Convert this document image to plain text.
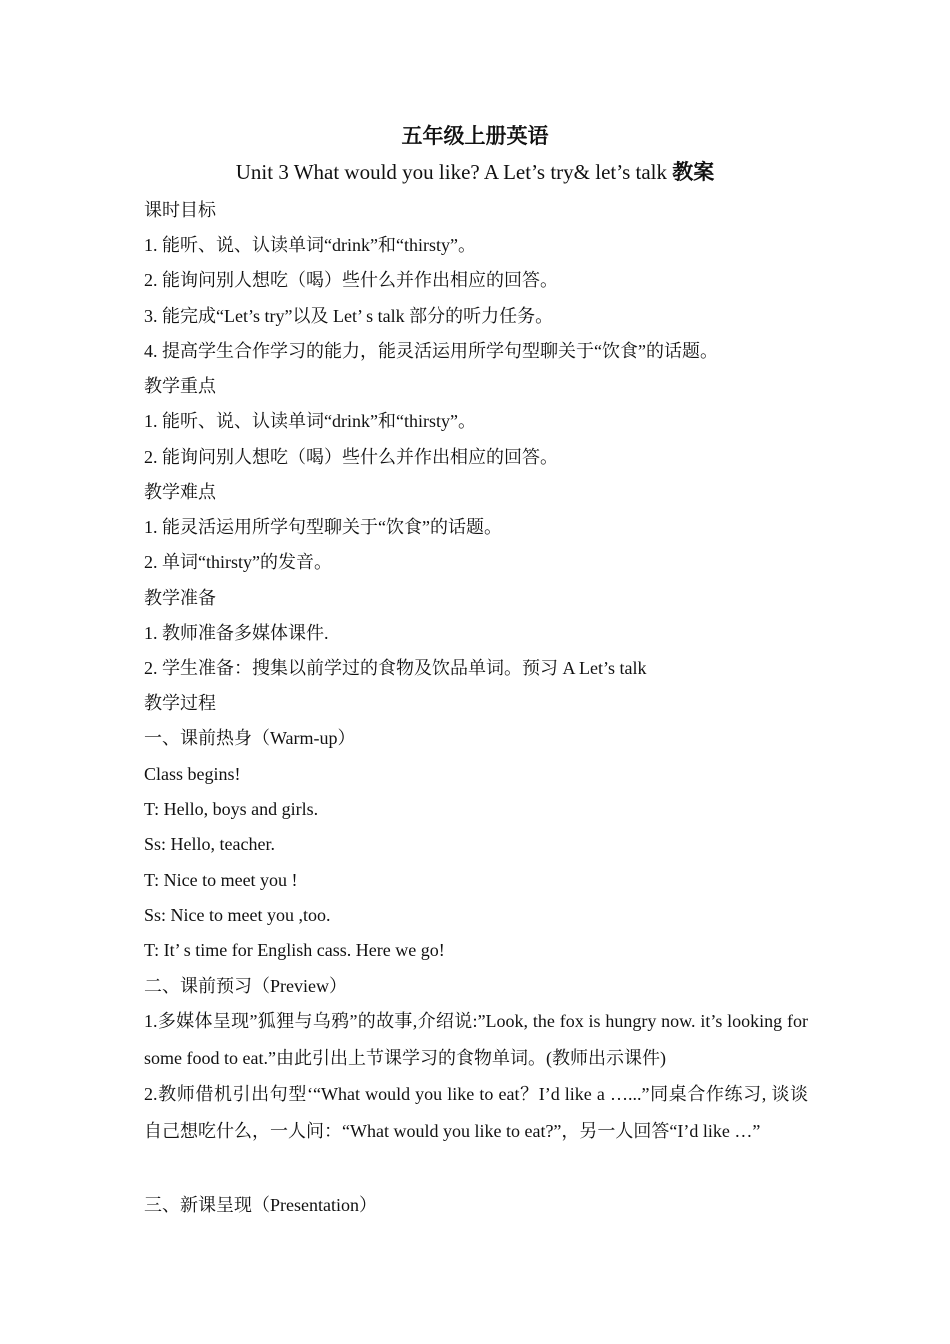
五年级上册英语
Unit 3 What would you like? A Let’s try& let’s talk 教案
课时目标
1. 能听、说、认读单词“drink”和“thirsty”。
2. 能询问别人想吃（喝）些什么并作出相应的回答。
3. 能完成“Let’s try”以及 Let’ s talk 部分的听力任务。
4. 提高学生合作学习的能力，能灵活运用所学句型聊关于“饮食”的话题。
教学重点
1. 能听、说、认读单词“drink”和“thirsty”。
2. 能询问别人想吃（喝）些什么并作出相应的回答。
教学难点
1. 能灵活运用所学句型聊关于“饮食”的话题。
2. 单词“thirsty”的发音。
教学准备
1. 教师准备多媒体课件.
2. 学生准备：搜集以前学过的食物及饮品单词。预习 A Let’s talk
教学过程
一、课前热身（Warm-up）
Class begins!
T: Hello, boys and girls.
Ss: Hello, teacher.
T: Nice to meet you !
Ss: Nice to meet you ,too.
T: It’ s time for English cass. Here we go!
二、课前预习（Preview）
1.多媒体呈现”狐狸与乌鸦”的故事,介绍说:”Look, the fox is hungry now. it’s looking for some food to eat.”由此引出上节课学习的食物单词。(教师出示课件)
2.教师借机引出句型‘“What would you like to eat？I’d like a …...”同桌合作练习, 谈谈自己想吃什么，一人问：“What would you like to eat?”，另一人回答“I’d like …”
三、新课呈现（Presentation）
